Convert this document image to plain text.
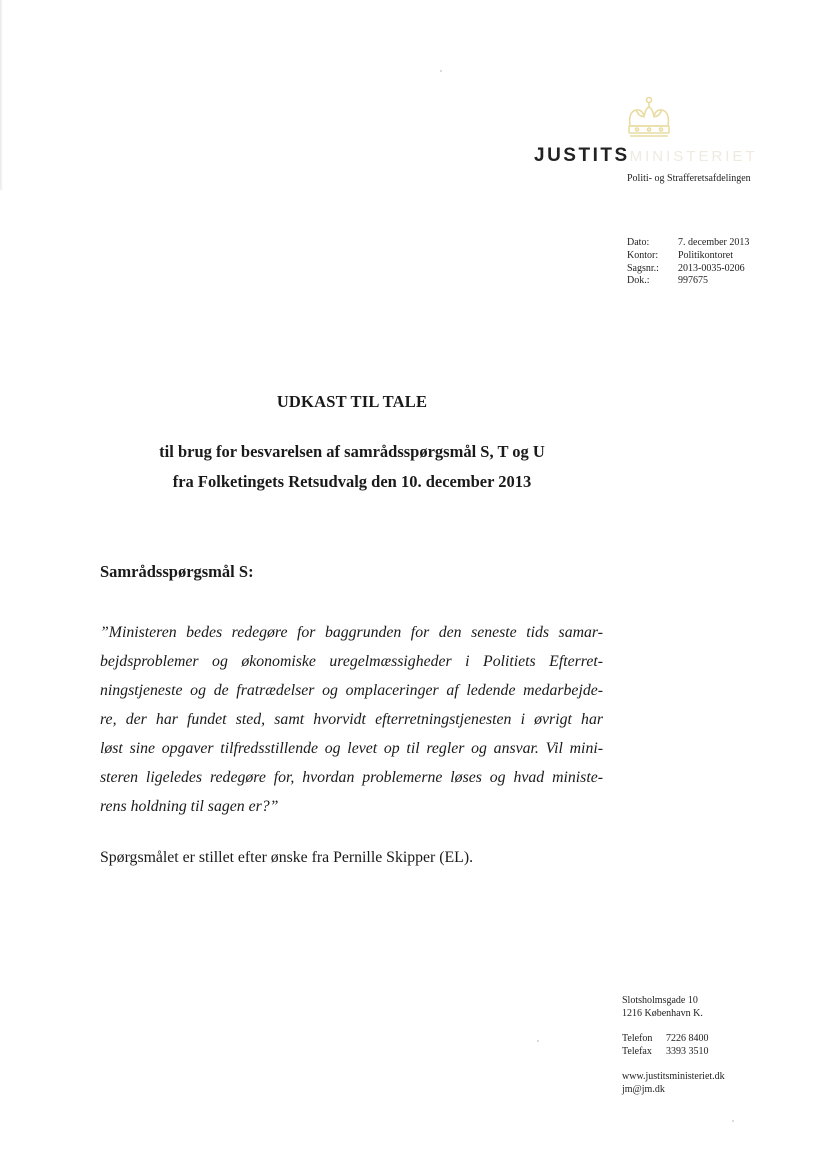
JUSTITSMINISTERIET
Politi- og Strafferetsafdelingen
Dato:	7. december 2013
Kontor:	Politikontoret
Sagsnr.:	2013-0035-0206
Dok.:	997675
UDKAST TIL TALE
til brug for besvarelsen af samrådsspørgsmål S, T og U
fra Folketingets Retsudvalg den 10. december 2013
Samrådsspørgsmål S:
”Ministeren bedes redegøre for baggrunden for den seneste tids samar-
bejdsproblemer og økonomiske uregelmæssigheder i Politiets Efterret-
ningstjeneste og de fratrædelser og omplaceringer af ledende medarbejde-
re, der har fundet sted, samt hvorvidt efterretningstjenesten i øvrigt har
løst sine opgaver tilfredsstillende og levet op til regler og ansvar. Vil mini-
steren ligeledes redegøre for, hvordan problemerne løses og hvad ministe-
rens holdning til sagen er?”
Spørgsmålet er stillet efter ønske fra Pernille Skipper (EL).
Slotsholmsgade 10
1216 København K.
Telefon	7226 8400
Telefax	3393 3510
www.justitsministeriet.dk
jm@jm.dk
